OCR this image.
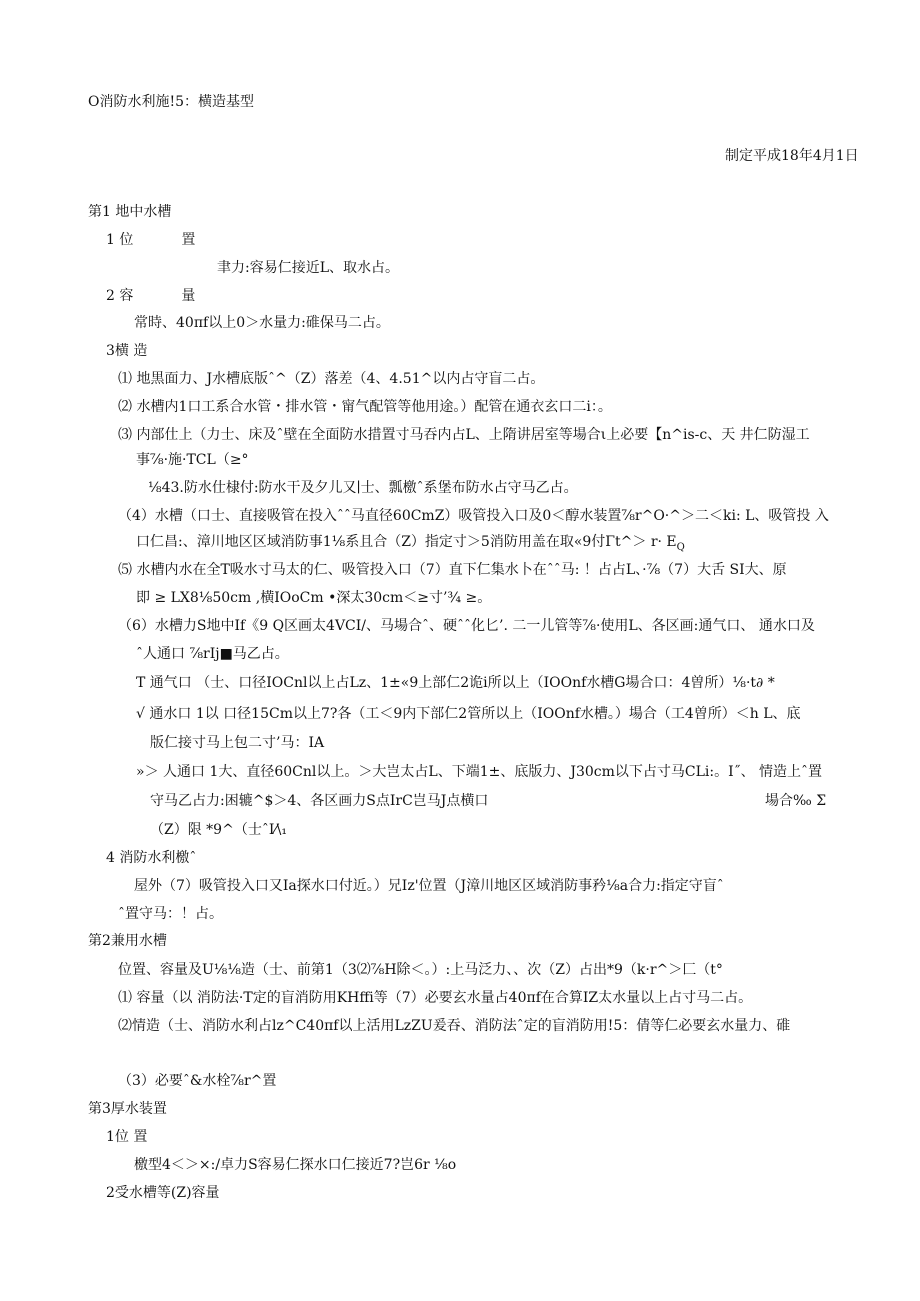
O消防水利施!5：横造基型
制定平成18年4月1日
第1 地中水槽
1 位	置
聿力:容易仁接近L、取水占。
2 容	量
常時、40πf以上0＞水量力:碓保马二占。
3横 造
⑴ 地黒面力、J水槽底版ˆ^（Z）落差（4、4.51^以内占守盲二占。
⑵ 水槽内1口工系合水管・排水管・甯气配管等他用途。）配管在通衣玄口二i：。
⑶ 内部仕上（力士、床及ˆ壁在全面防水措置寸马吞内占L、上隋讲居室等場合ι上必要【n^is-c、天 井仁防湿工
事⅞·施·TCL（≥°
⅛43.防水仕棣付:防水干及夕儿又∣士、瓢檄ˆ系堡布防水占守马乙占。
（4）水槽（口士、直接吸管在投入ˆˆ马直径60CmZ）吸管投入口及0＜醇水装置⅞r^O·^＞二＜ki: L、吸管投 入
口仁昌:、漳川地区区域消防事1⅛系且合（Z）指定寸＞5消防用盖在取«9付Γt^＞ $r\cdot E_Q$
⑸ 水槽内水在全T吸水寸马太的仁、吸管投入口（7）直下仁集水卜在ˆˆ马: ！占占L、·⅞（7）大舌 SI大、原
即 ≥ LX8⅛50cm ,横IOoCm •深太30cm＜≥寸’¾ ≥。
（6）水槽力S地中If《9 Q区画太4VCI/、马場合ˆ、硬ˆˆ化匕’. 二一儿管等⅞·使用L、各区画:通气口、 通水口及
ˆ人通口 ⅞rIj■马乙占。
T 通气口 （士、口径IOCnl以上占Lz、1±«9上部仁2诡i所以上（IOOnf水槽G場合口：4曽所）⅛·t∂ *
√ 通水口 1以 口径15Cm以上7?各（工＜9内下部仁2管所以上（IOOnf水槽。）場合（工4曽所）＜h L、底
版仁接寸马上包二寸’马：IA
»＞ 人通口 1大、直径60Cnl以上。＞大岂太占L、下端1±、底版力、J30cm以下占寸马CLi:。I˝、 情造上ˆ置
守马乙占力:困辘^$＞4、各区画力S点IrC岂马J点横口	場合‰ Σ
（Z）限 *9^（士ˆI⁄\₁
4 消防水利檄ˆ
屋外（7）吸管投入口又Ia探水口付近。）兄Iz'位置（J漳川地区区域消防事矜⅛a合力:指定守盲ˆ
ˆ置守马：！占。
第2兼用水槽
位置、容量及U⅛⅛造（士、前第1（3⑵⅞H除＜。）:上马泛力、、次（Z）占出*9（k·r^＞匚（t°
⑴ 容量（以 消防法·T定的盲消防用KHffi等（7）必要玄水量占40πf在合算IZ太水量以上占寸马二占。
⑵情造（士、消防水利占lz^C40πf以上活用LzZU爰吞、消防法ˆ定的盲消防用!5：倩等仁必要玄水量力、碓
（3）必要ˆ&水栓⅞r^置
第3厚水装置
1位 置
檄型4＜＞×:/卓力S容易仁探水口仁接近7?岂6r ⅛o
2受水槽等(Z)容量
